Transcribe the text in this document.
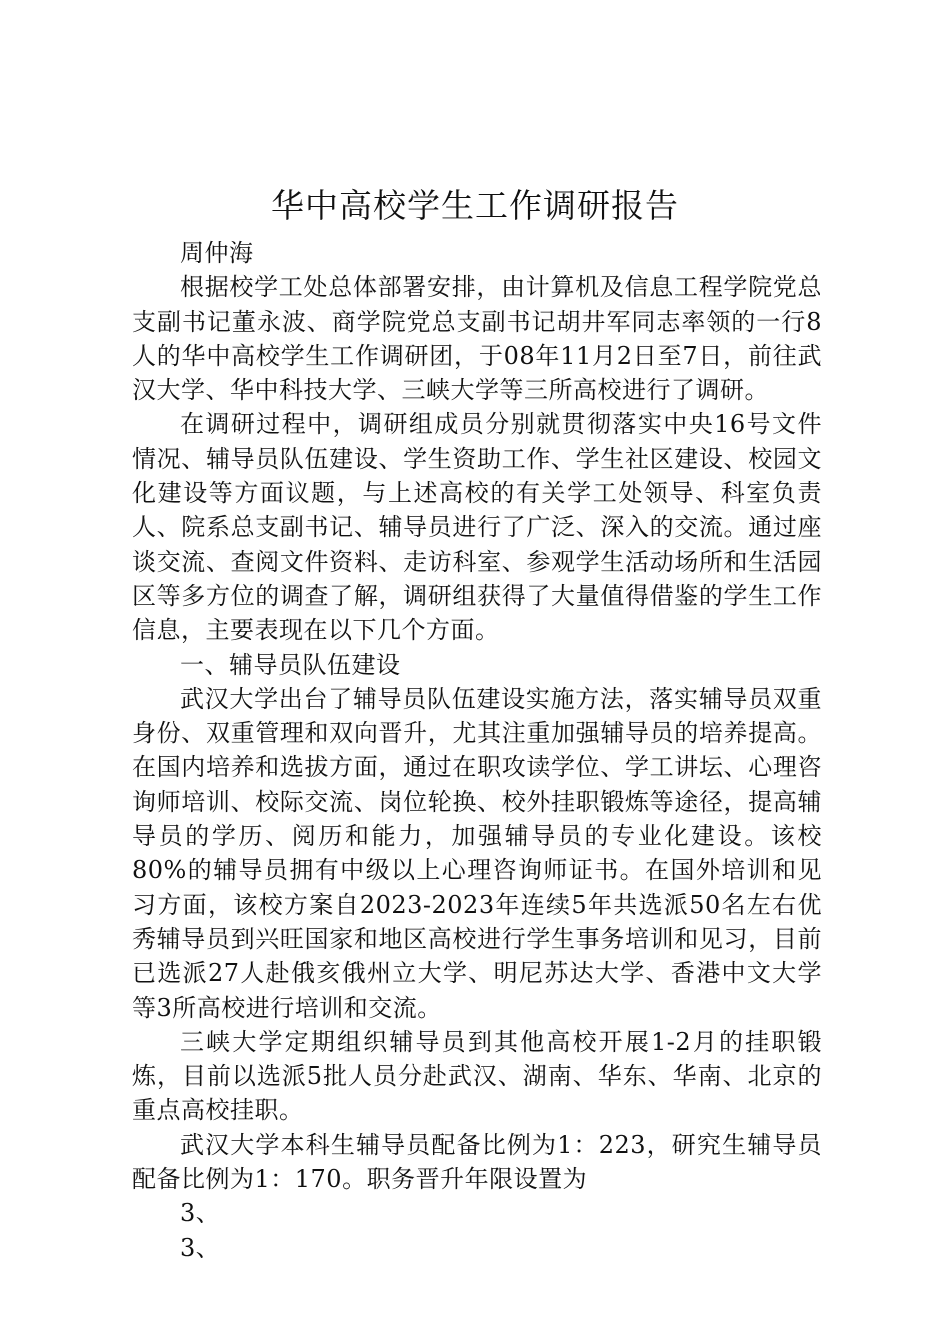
华中高校学生工作调研报告

周仲海

根据校学工处总体部署安排，由计算机及信息工程学院党总支副书记董永波、商学院党总支副书记胡井军同志率领的一行8人的华中高校学生工作调研团，于08年11月2日至7日，前往武汉大学、华中科技大学、三峡大学等三所高校进行了调研。

在调研过程中，调研组成员分别就贯彻落实中央16号文件情况、辅导员队伍建设、学生资助工作、学生社区建设、校园文化建设等方面议题，与上述高校的有关学工处领导、科室负责人、院系总支副书记、辅导员进行了广泛、深入的交流。通过座谈交流、查阅文件资料、走访科室、参观学生活动场所和生活园区等多方位的调查了解，调研组获得了大量值得借鉴的学生工作信息，主要表现在以下几个方面。

一、辅导员队伍建设

武汉大学出台了辅导员队伍建设实施方法，落实辅导员双重身份、双重管理和双向晋升，尤其注重加强辅导员的培养提高。在国内培养和选拔方面，通过在职攻读学位、学工讲坛、心理咨询师培训、校际交流、岗位轮换、校外挂职锻炼等途径，提高辅导员的学历、阅历和能力，加强辅导员的专业化建设。该校80%的辅导员拥有中级以上心理咨询师证书。在国外培训和见习方面，该校方案自2023-2023年连续5年共选派50名左右优秀辅导员到兴旺国家和地区高校进行学生事务培训和见习，目前已选派27人赴俄亥俄州立大学、明尼苏达大学、香港中文大学等3所高校进行培训和交流。

三峡大学定期组织辅导员到其他高校开展1-2月的挂职锻炼，目前以选派5批人员分赴武汉、湖南、华东、华南、北京的重点高校挂职。

武汉大学本科生辅导员配备比例为1：223，研究生辅导员配备比例为1：170。职务晋升年限设置为

3、

3、
